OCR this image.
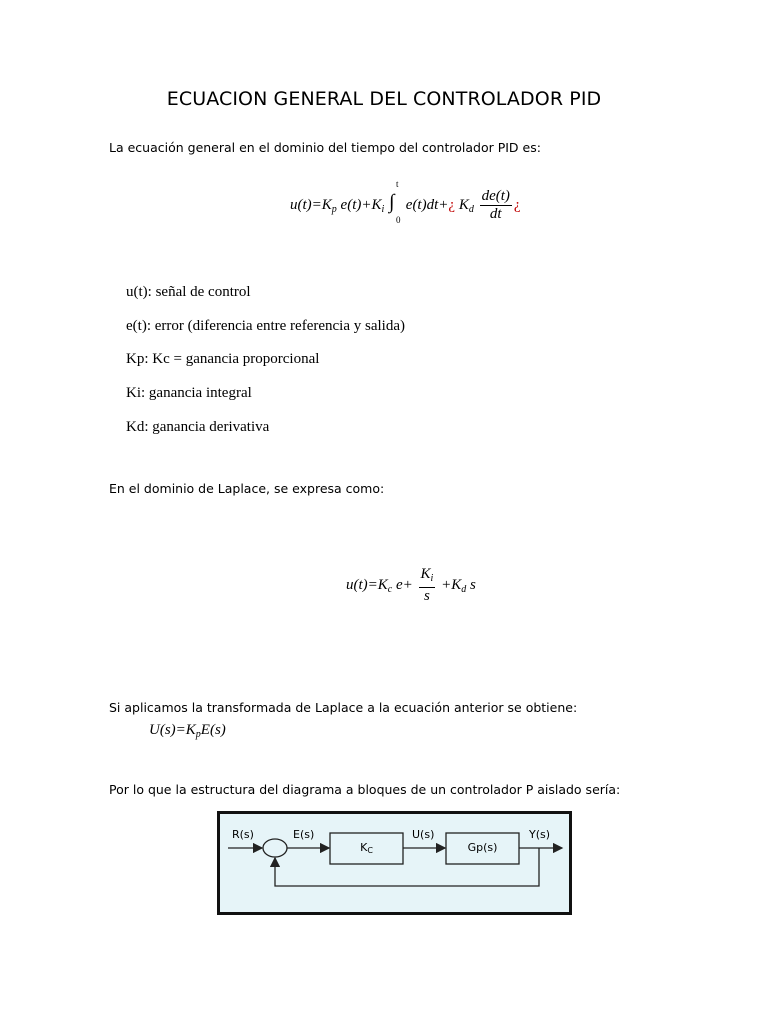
ECUACION GENERAL DEL CONTROLADOR PID
La ecuación general en el dominio del tiempo del controlador PID es:
$u(t)=K_p$ $e(t)+K_i$ ∫
t
0
e(t)dt+¿ $K_d \frac{de(t)}{dt}$ ¿
u(t): señal de control
e(t): error (diferencia entre referencia y salida)
Kp: Kc = ganancia proporcional
Ki: ganancia integral
Kd: ganancia derivativa
En el dominio de Laplace, se expresa como:
$u(t)=K_c$ $e+ \frac{K_i}{s} +K_d$ s
Si aplicamos la transformada de Laplace a la ecuación anterior se obtiene:
$U(s)=K_pE(s)$
Por lo que la estructura del diagrama a bloques de un controlador P aislado sería:
R(s)	E(s)
KC
U(s)
Gp(s)
Y(s)
